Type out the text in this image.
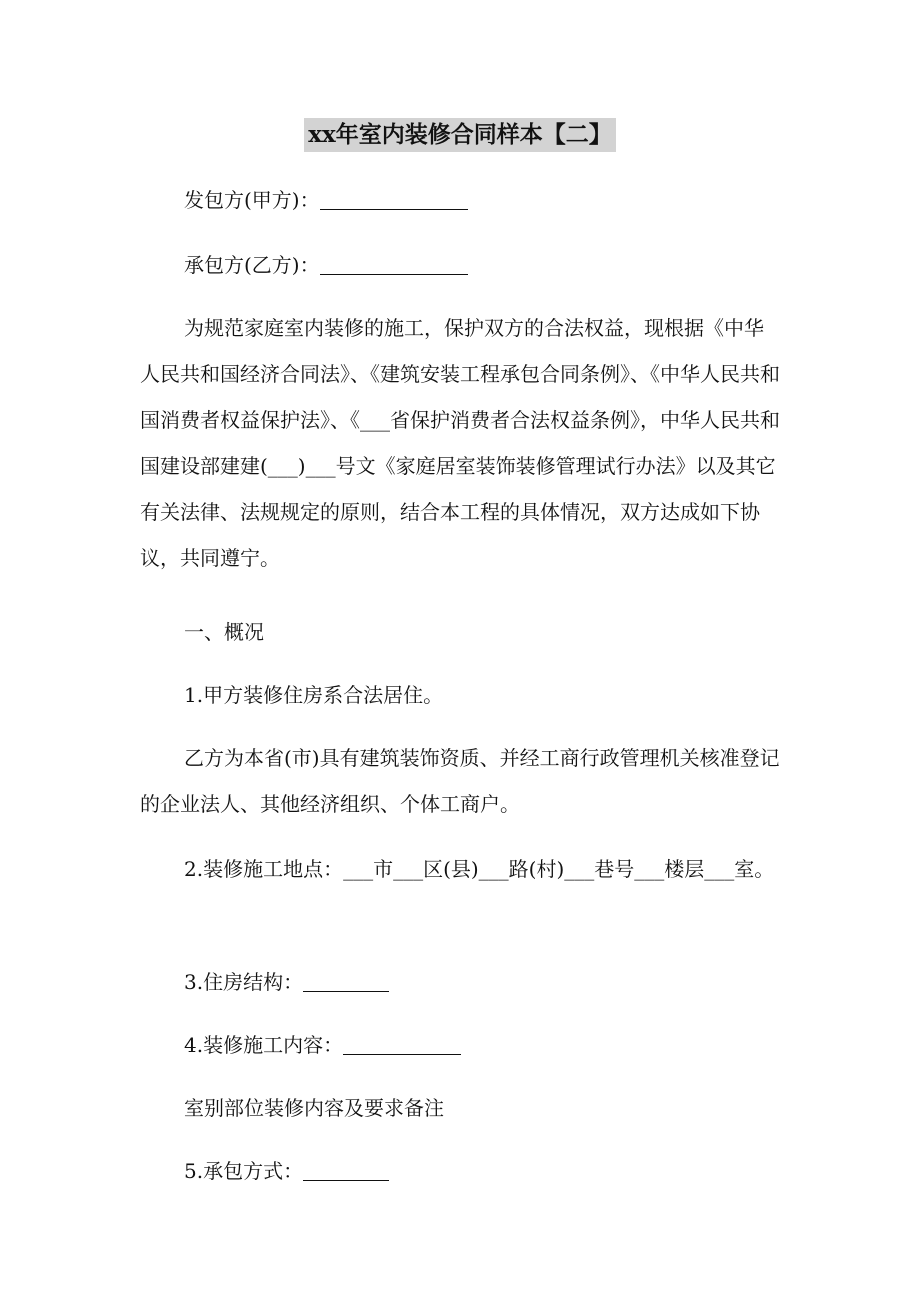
xx年室内装修合同样本【二】

发包方(甲方)：

承包方(乙方)：

为规范家庭室内装修的施工，保护双方的合法权益，现根据《中华人民共和国经济合同法》、《建筑安装工程承包合同条例》、《中华人民共和国消费者权益保护法》、《___省保护消费者合法权益条例》，中华人民共和国建设部建建(___)___号文《家庭居室装饰装修管理试行办法》以及其它有关法律、法规规定的原则，结合本工程的具体情况，双方达成如下协议，共同遵宁。

一、概况

1.甲方装修住房系合法居住。

乙方为本省(市)具有建筑装饰资质、并经工商行政管理机关核准登记的企业法人、其他经济组织、个体工商户。

2.装修施工地点：___市___区(县)___路(村)___巷号___楼层___室。

3.住房结构：

4.装修施工内容：

室别部位装修内容及要求备注

5.承包方式：
